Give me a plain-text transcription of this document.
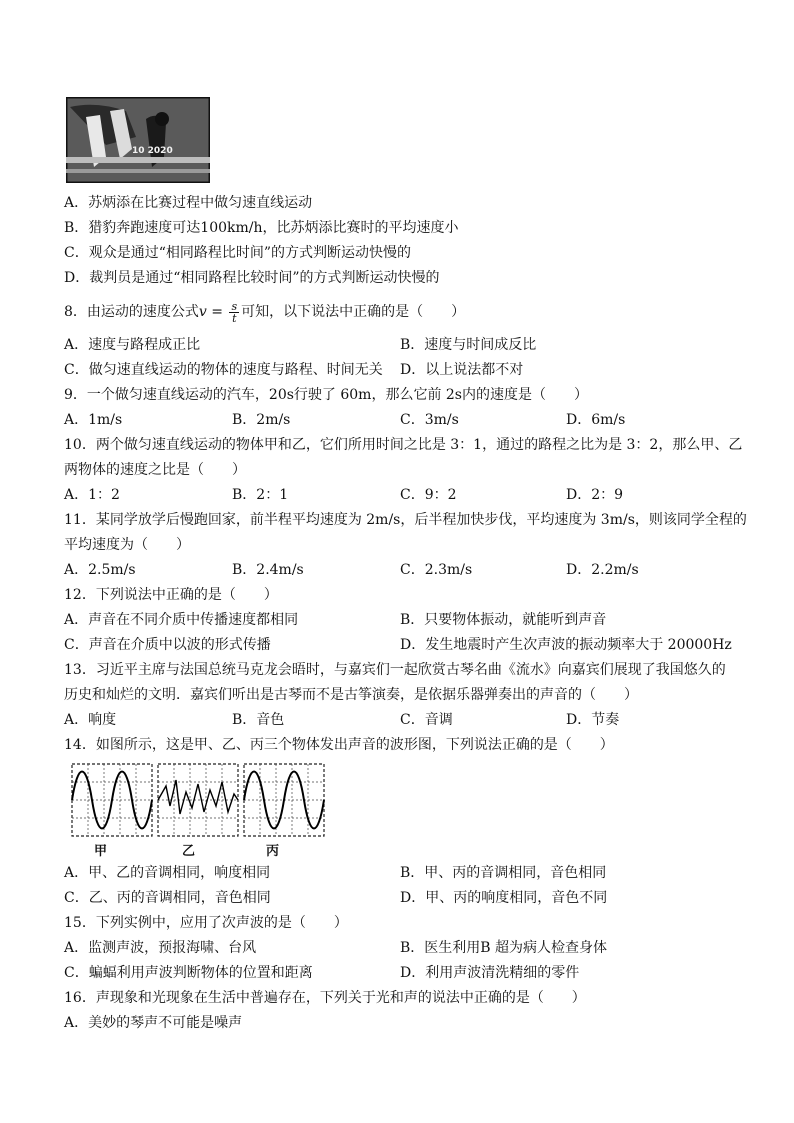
10 2020
A．苏炳添在比赛过程中做匀速直线运动
B．猎豹奔跑速度可达100km/h，比苏炳添比赛时的平均速度小
C．观众是通过“相同路程比时间”的方式判断运动快慢的
D．裁判员是通过“相同路程比较时间”的方式判断运动快慢的
8．由运动的速度公式$v = \frac{s}{t}$ 可知，以下说法中正确的是（　　）
A．速度与路程成正比	B．速度与时间成反比
C．做匀速直线运动的物体的速度与路程、时间无关 D．以上说法都不对
9．一个做匀速直线运动的汽车，20s行驶了 60m，那么它前 2s内的速度是（　　）
A．1m/s	B．2m/s	C．3m/s	D．6m/s
10．两个做匀速直线运动的物体甲和乙，它们所用时间之比是 3：1，通过的路程之比为是 3：2，那么甲、乙
两物体的速度之比是（　　）
A．1：2	B．2：1	C．9：2	D．2：9
11．某同学放学后慢跑回家，前半程平均速度为 2m/s，后半程加快步伐，平均速度为 3m/s，则该同学全程的
平均速度为（　　）
A．2.5m/s	B．2.4m/s	C．2.3m/s	D．2.2m/s
12．下列说法中正确的是（　　）
A．声音在不同介质中传播速度都相同	B．只要物体振动，就能听到声音
C．声音在介质中以波的形式传播	D．发生地震时产生次声波的振动频率大于 20000Hz
13．习近平主席与法国总统马克龙会晤时，与嘉宾们一起欣赏古琴名曲《流水》向嘉宾们展现了我国悠久的
历史和灿烂的文明．嘉宾们听出是古琴而不是古筝演奏，是依据乐器弹奏出的声音的（　　）
A．响度	B．音色	C．音调	D．节奏
14．如图所示，这是甲、乙、丙三个物体发出声音的波形图，下列说法正确的是（　　）
甲	乙	丙
A．甲、乙的音调相同，响度相同	B．甲、丙的音调相同，音色相同
C．乙、丙的音调相同，音色相同	D．甲、丙的响度相同，音色不同
15．下列实例中，应用了次声波的是（　　）
A．监测声波，预报海啸、台风	B．医生利用B 超为病人检查身体
C．蝙蝠利用声波判断物体的位置和距离	D．利用声波清洗精细的零件
16．声现象和光现象在生活中普遍存在，下列关于光和声的说法中正确的是（　　）
A．美妙的琴声不可能是噪声
